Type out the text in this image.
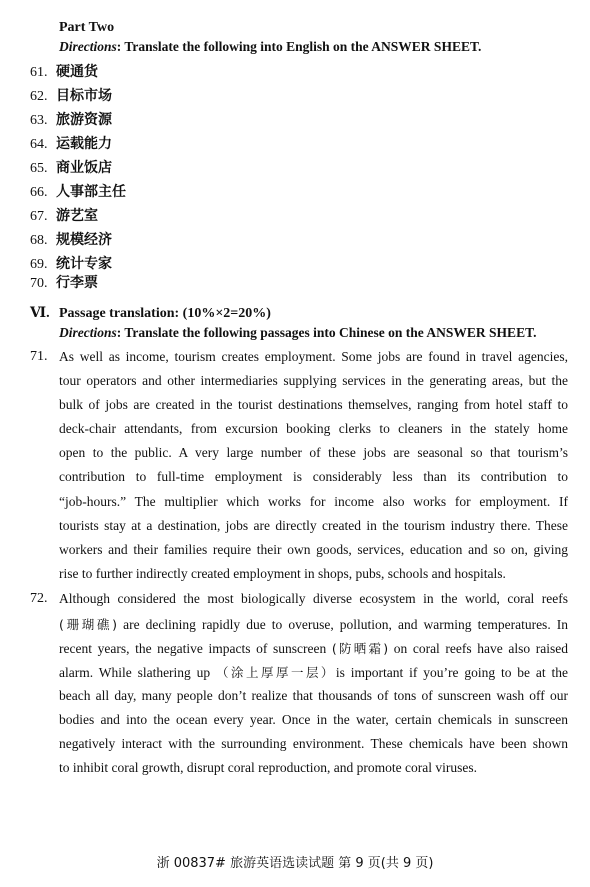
Part Two
Directions: Translate the following into English on the ANSWER SHEET.
61. 硬通货
62. 目标市场
63. 旅游资源
64. 运载能力
65. 商业饭店
66. 人事部主任
67. 游艺室
68. 规模经济
69. 统计专家
70. 行李票
Ⅵ. Passage translation: (10%×2=20%)
Directions: Translate the following passages into Chinese on the ANSWER SHEET.
71. As well as income, tourism creates employment. Some jobs are found in travel agencies,
tour operators and other intermediaries supplying services in the generating areas, but the
bulk of jobs are created in the tourist destinations themselves, ranging from hotel staff to
deck-chair attendants, from excursion booking clerks to cleaners in the stately home
open to the public. A very large number of these jobs are seasonal so that tourism’s
contribution to full-time employment is considerably less than its contribution to
“job-hours.” The multiplier which works for income also works for employment. If
tourists stay at a destination, jobs are directly created in the tourism industry there. These
workers and their families require their own goods, services, education and so on, giving
rise to further indirectly created employment in shops, pubs, schools and hospitals.
72. Although considered the most biologically diverse ecosystem in the world, coral reefs
(珊瑚礁) are declining rapidly due to overuse, pollution, and warming temperatures. In
recent years, the negative impacts of sunscreen (防晒霜) on coral reefs have also raised
alarm. While slathering up （涂上厚厚一层）is important if you’re going to be at the
beach all day, many people don’t realize that thousands of tons of sunscreen wash off our
bodies and into the ocean every year. Once in the water, certain chemicals in sunscreen
negatively interact with the surrounding environment. These chemicals have been shown
to inhibit coral growth, disrupt coral reproduction, and promote coral viruses.
浙 00837# 旅游英语选读试题 第 9 页(共 9 页)
